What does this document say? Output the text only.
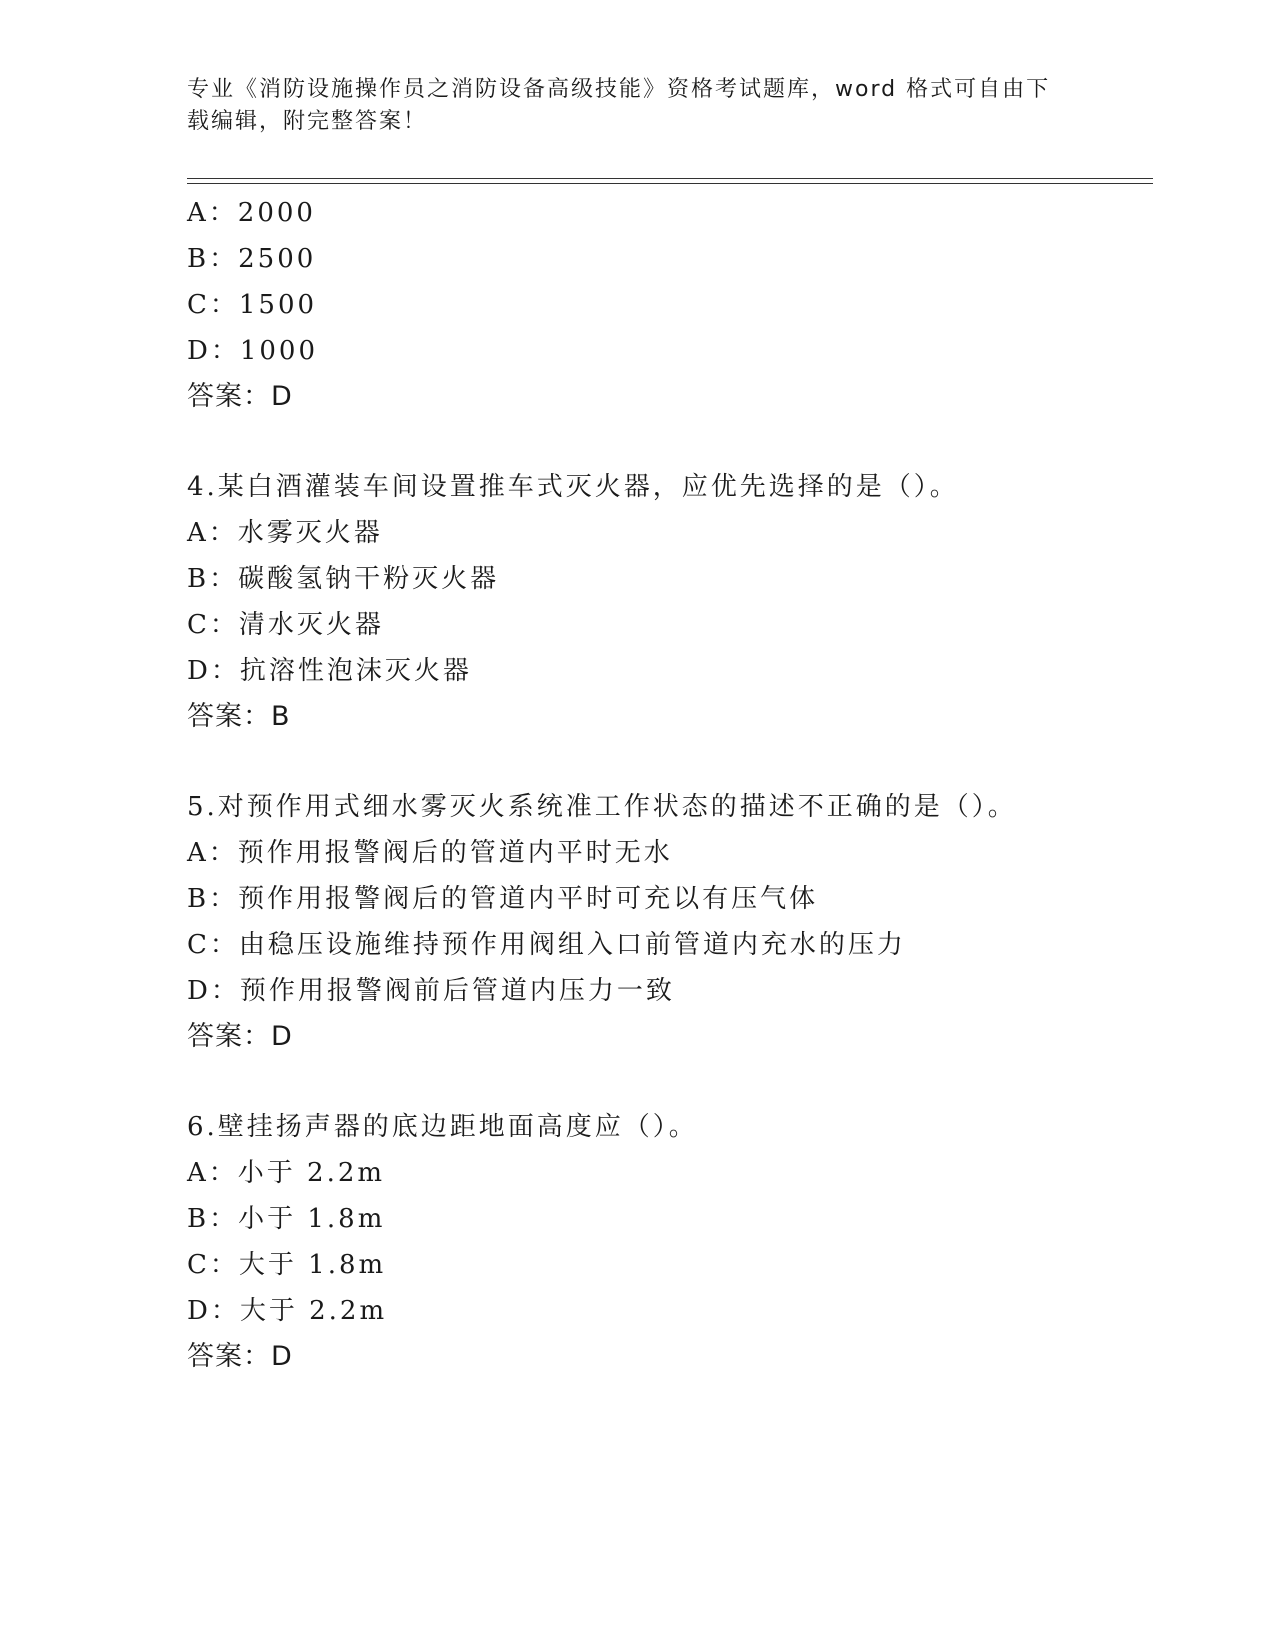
专业《消防设施操作员之消防设备高级技能》资格考试题库，word 格式可自由下
载编辑，附完整答案！
A：2000
B：2500
C：1500
D：1000
答案：D
4.某白酒灌装车间设置推车式灭火器，应优先选择的是（）。
A：水雾灭火器
B：碳酸氢钠干粉灭火器
C：清水灭火器
D：抗溶性泡沫灭火器
答案：B
5.对预作用式细水雾灭火系统准工作状态的描述不正确的是（）。
A：预作用报警阀后的管道内平时无水
B：预作用报警阀后的管道内平时可充以有压气体
C：由稳压设施维持预作用阀组入口前管道内充水的压力
D：预作用报警阀前后管道内压力一致
答案：D
6.壁挂扬声器的底边距地面高度应（）。
A：小于 2.2m
B：小于 1.8m
C：大于 1.8m
D：大于 2.2m
答案：D
